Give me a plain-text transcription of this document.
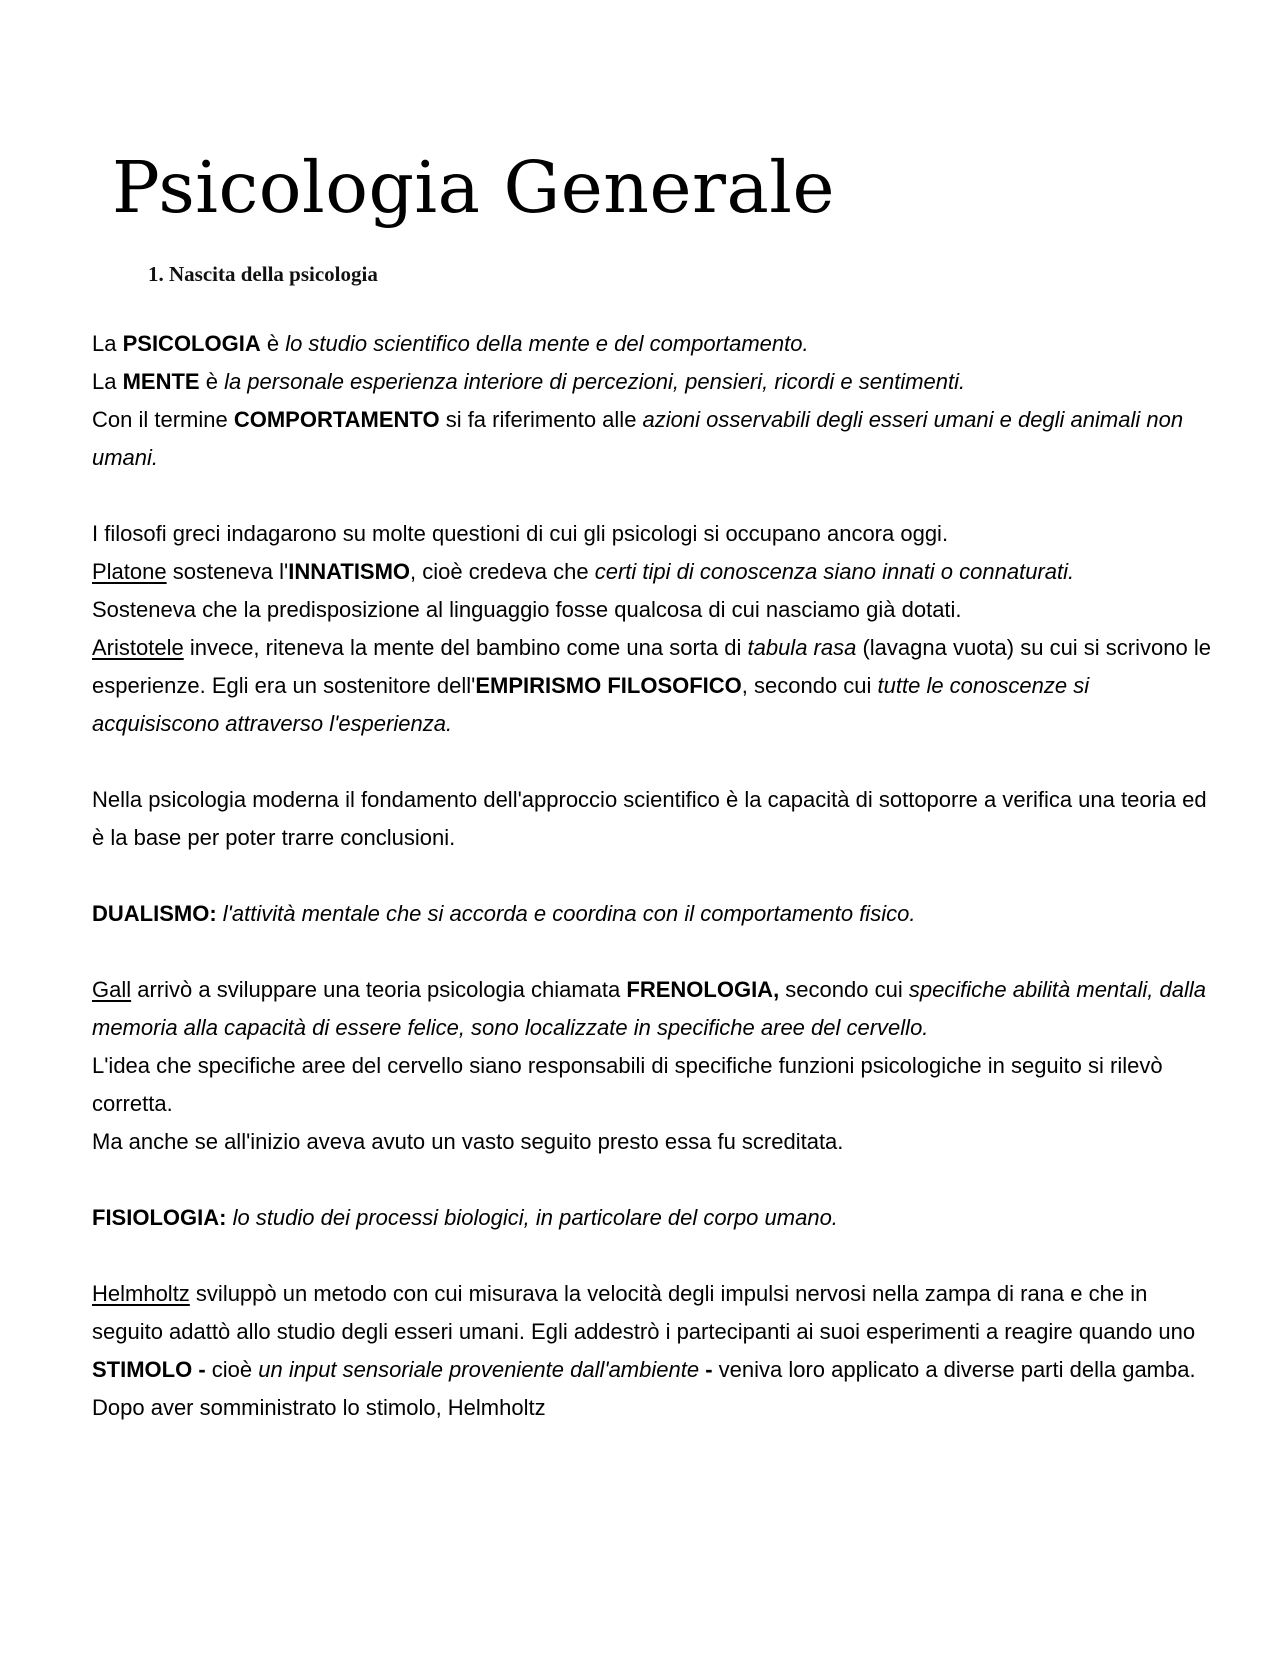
Psicologia Generale
1. Nascita della psicologia

La PSICOLOGIA è lo studio scientifico della mente e del comportamento.

La MENTE è la personale esperienza interiore di percezioni, pensieri, ricordi e sentimenti.

Con il termine COMPORTAMENTO si fa riferimento alle azioni osservabili degli esseri umani e degli animali non umani.

I filosofi greci indagarono su molte questioni di cui gli psicologi si occupano ancora oggi.

Platone sosteneva l'INNATISMO, cioè credeva che certi tipi di conoscenza siano innati o connaturati.

Sosteneva che la predisposizione al linguaggio fosse qualcosa di cui nasciamo già dotati.

Aristotele invece, riteneva la mente del bambino come una sorta di tabula rasa (lavagna vuota) su cui si scrivono le esperienze. Egli era un sostenitore dell'EMPIRISMO FILOSOFICO, secondo cui tutte le conoscenze si acquisiscono attraverso l'esperienza.

Nella psicologia moderna il fondamento dell'approccio scientifico è la capacità di sottoporre a verifica una teoria ed è la base per poter trarre conclusioni.

DUALISMO: l'attività mentale che si accorda e coordina con il comportamento fisico.

Gall arrivò a sviluppare una teoria psicologia chiamata FRENOLOGIA, secondo cui specifiche abilità mentali, dalla memoria alla capacità di essere felice, sono localizzate in specifiche aree del cervello.

L'idea che specifiche aree del cervello siano responsabili di specifiche funzioni psicologiche in seguito si rilevò corretta.

Ma anche se all'inizio aveva avuto un vasto seguito presto essa fu screditata.

FISIOLOGIA: lo studio dei processi biologici, in particolare del corpo umano.

Helmholtz sviluppò un metodo con cui misurava la velocità degli impulsi nervosi nella zampa di rana e che in seguito adattò allo studio degli esseri umani. Egli addestrò i partecipanti ai suoi esperimenti a reagire quando uno STIMOLO - cioè un input sensoriale proveniente dall'ambiente - veniva loro applicato a diverse parti della gamba. Dopo aver somministrato lo stimolo, Helmholtz
